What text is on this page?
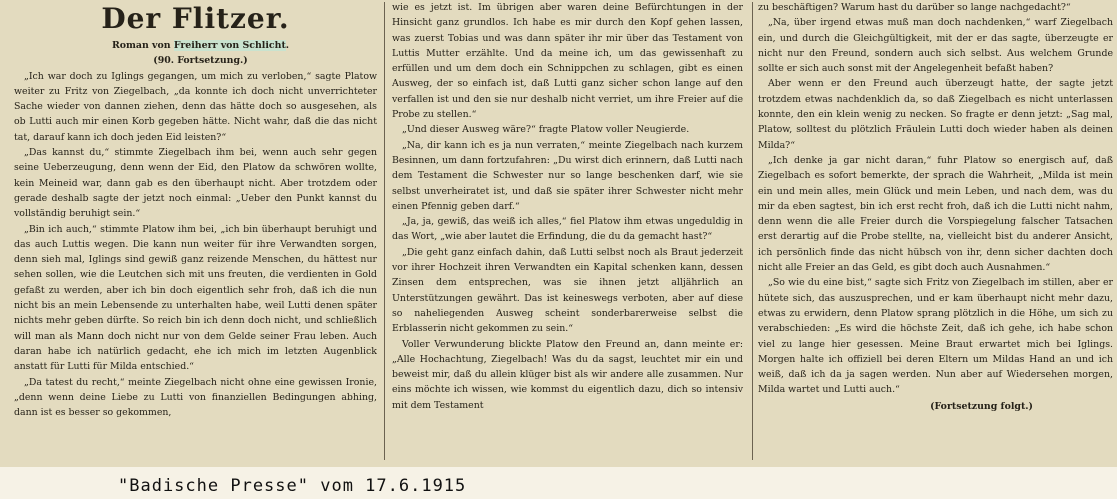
Der Flitzer.

Roman von Freiherr von Schlicht.

(90. Fortsetzung.)

„Ich war doch zu Iglings gegangen, um mich zu verloben,“ sagte Platow weiter zu Fritz von Ziegelbach, „da konnte ich doch nicht unverrichteter Sache wieder von dannen ziehen, denn das hätte doch so ausgesehen, als ob Lutti auch mir einen Korb gegeben hätte. Nicht wahr, daß die das nicht tat, darauf kann ich doch jeden Eid leisten?“

„Das kannst du,“ stimmte Ziegelbach ihm bei, wenn auch sehr gegen seine Ueberzeugung, denn wenn der Eid, den Platow da schwören wollte, kein Meineid war, dann gab es den überhaupt nicht. Aber trotzdem oder gerade deshalb sagte der jetzt noch einmal: „Ueber den Punkt kannst du vollständig beruhigt sein.“

„Bin ich auch,“ stimmte Platow ihm bei, „ich bin überhaupt beruhigt und das auch Luttis wegen. Die kann nun weiter für ihre Verwandten sorgen, denn sieh mal, Iglings sind gewiß ganz reizende Menschen, du hättest nur sehen sollen, wie die Leutchen sich mit uns freuten, die verdienten in Gold gefaßt zu werden, aber ich bin doch eigentlich sehr froh, daß ich die nun nicht bis an mein Lebensende zu unterhalten habe, weil Lutti denen später nichts mehr geben dürfte. So reich bin ich denn doch nicht, und schließlich will man als Mann doch nicht nur von dem Gelde seiner Frau leben. Auch daran habe ich natürlich gedacht, ehe ich mich im letzten Augenblick anstatt für Lutti für Milda entschied.“

„Da tatest du recht,“ meinte Ziegelbach nicht ohne eine gewissen Ironie, „denn wenn deine Liebe zu Lutti von finanziellen Bedingungen abhing, dann ist es besser so gekommen,

wie es jetzt ist. Im übrigen aber waren deine Befürchtungen in der Hinsicht ganz grundlos. Ich habe es mir durch den Kopf gehen lassen, was zuerst Tobias und was dann später ihr mir über das Testament von Luttis Mutter erzählte. Und da meine ich, um das gewissenhaft zu erfüllen und um dem doch ein Schnippchen zu schlagen, gibt es einen Ausweg, der so einfach ist, daß Lutti ganz sicher schon lange auf den verfallen ist und den sie nur deshalb nicht verriet, um ihre Freier auf die Probe zu stellen.“

„Und dieser Ausweg wäre?“ fragte Platow voller Neugierde.

„Na, dir kann ich es ja nun verraten,“ meinte Ziegelbach nach kurzem Besinnen, um dann fortzufahren: „Du wirst dich erinnern, daß Lutti nach dem Testament die Schwester nur so lange beschenken darf, wie sie selbst unverheiratet ist, und daß sie später ihrer Schwester nicht mehr einen Pfennig geben darf.“

„Ja, ja, gewiß, das weiß ich alles,“ fiel Platow ihm etwas ungeduldig in das Wort, „wie aber lautet die Erfindung, die du da gemacht hast?“

„Die geht ganz einfach dahin, daß Lutti selbst noch als Braut jederzeit vor ihrer Hochzeit ihren Verwandten ein Kapital schenken kann, dessen Zinsen dem entsprechen, was sie ihnen jetzt alljährlich an Unterstützungen gewährt. Das ist keineswegs verboten, aber auf diese so naheliegenden Ausweg scheint sonderbarerweise selbst die Erblasserin nicht gekommen zu sein.“

Voller Verwunderung blickte Platow den Freund an, dann meinte er: „Alle Hochachtung, Ziegelbach! Was du da sagst, leuchtet mir ein und beweist mir, daß du allein klüger bist als wir andere alle zusammen. Nur eins möchte ich wissen, wie kommst du eigentlich dazu, dich so intensiv mit dem Testament

zu beschäftigen? Warum hast du darüber so lange nachgedacht?“

„Na, über irgend etwas muß man doch nachdenken,“ warf Ziegelbach ein, und durch die Gleichgültigkeit, mit der er das sagte, überzeugte er nicht nur den Freund, sondern auch sich selbst. Aus welchem Grunde sollte er sich auch sonst mit der Angelegenheit befaßt haben?

Aber wenn er den Freund auch überzeugt hatte, der sagte jetzt trotzdem etwas nachdenklich da, so daß Ziegelbach es nicht unterlassen konnte, den ein klein wenig zu necken. So fragte er denn jetzt: „Sag mal, Platow, solltest du plötzlich Fräulein Lutti doch wieder haben als deinen Milda?“

„Ich denke ja gar nicht daran,“ fuhr Platow so energisch auf, daß Ziegelbach es sofort bemerkte, der sprach die Wahrheit, „Milda ist mein ein und mein alles, mein Glück und mein Leben, und nach dem, was du mir da eben sagtest, bin ich erst recht froh, daß ich die Lutti nicht nahm, denn wenn die alle Freier durch die Vorspiegelung falscher Tatsachen erst derartig auf die Probe stellte, na, vielleicht bist du anderer Ansicht, ich persönlich finde das nicht hübsch von ihr, denn sicher dachten doch nicht alle Freier an das Geld, es gibt doch auch Ausnahmen.“

„So wie du eine bist,“ sagte sich Fritz von Ziegelbach im stillen, aber er hütete sich, das auszusprechen, und er kam überhaupt nicht mehr dazu, etwas zu erwidern, denn Platow sprang plötzlich in die Höhe, um sich zu verabschieden: „Es wird die höchste Zeit, daß ich gehe, ich habe schon viel zu lange hier gesessen. Meine Braut erwartet mich bei Iglings. Morgen halte ich offiziell bei deren Eltern um Mildas Hand an und ich weiß, daß ich da ja sagen werden. Nun aber auf Wiedersehen morgen, Milda wartet und Lutti auch.“

(Fortsetzung folgt.)
"Badische Presse" vom 17.6.1915
